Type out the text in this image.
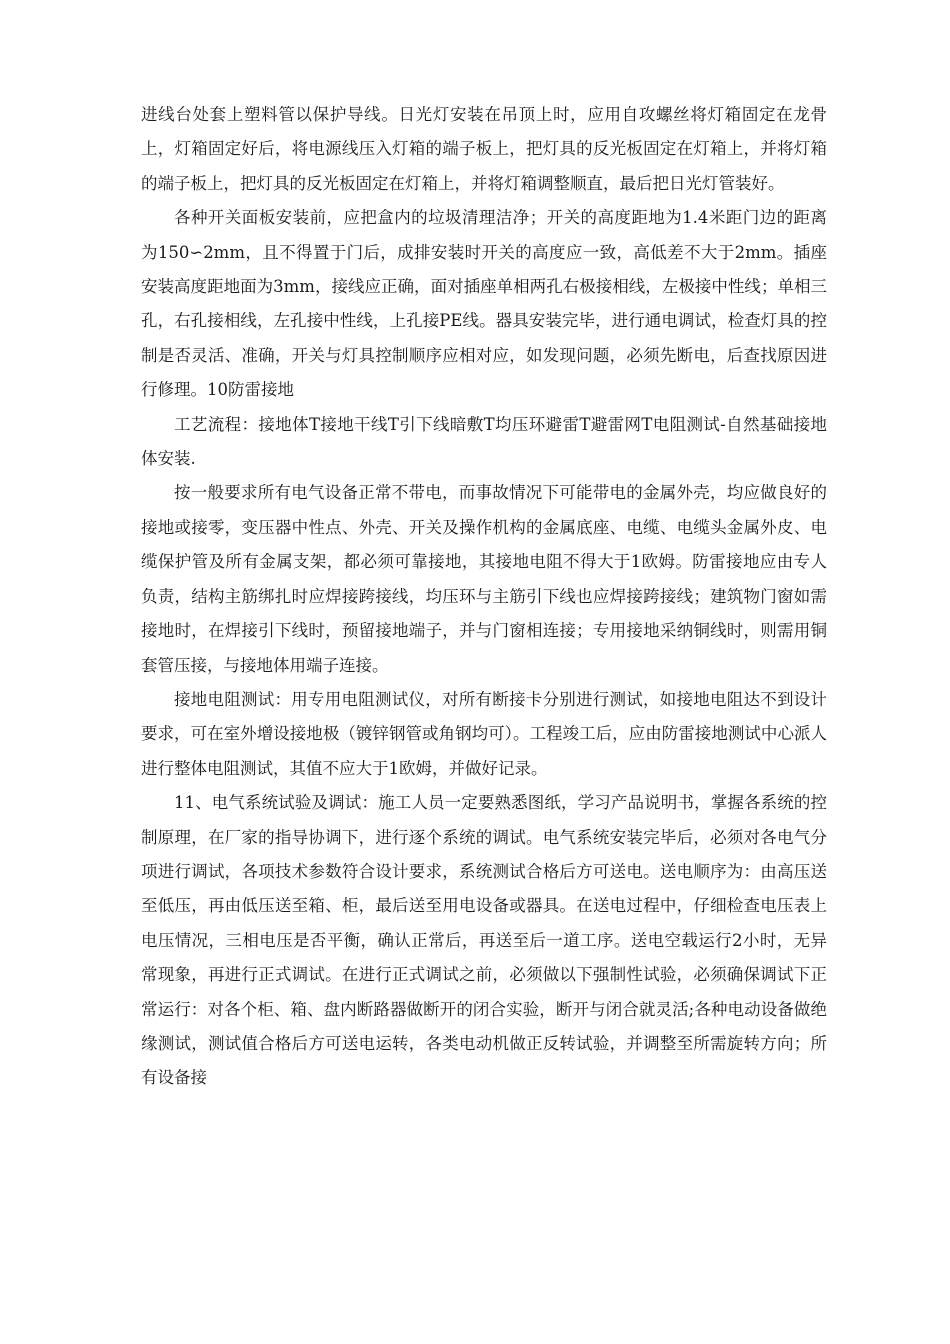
进线台处套上塑料管以保护导线。日光灯安装在吊顶上时，应用自攻螺丝将灯箱固定在龙骨上，灯箱固定好后，将电源线压入灯箱的端子板上，把灯具的反光板固定在灯箱上，并将灯箱的端子板上，把灯具的反光板固定在灯箱上，并将灯箱调整顺直，最后把日光灯管装好。

各种开关面板安装前，应把盒内的垃圾清理洁净；开关的高度距地为1.4米距门边的距离为150∽2mm，且不得置于门后，成排安装时开关的高度应一致，高低差不大于2mm。插座安装高度距地面为3mm，接线应正确，面对插座单相两孔右极接相线，左极接中性线；单相三孔，右孔接相线，左孔接中性线，上孔接PE线。器具安装完毕，进行通电调试，检查灯具的控制是否灵活、准确，开关与灯具控制顺序应相对应，如发现问题，必须先断电，后查找原因进行修理。10防雷接地

工艺流程：接地体T接地干线T引下线暗敷T均压环避雷T避雷网T电阻测试-自然基础接地体安装.

按一般要求所有电气设备正常不带电，而事故情况下可能带电的金属外壳，均应做良好的接地或接零，变压器中性点、外壳、开关及操作机构的金属底座、电缆、电缆头金属外皮、电缆保护管及所有金属支架，都必须可靠接地，其接地电阻不得大于1欧姆。防雷接地应由专人负责，结构主筋绑扎时应焊接跨接线，均压环与主筋引下线也应焊接跨接线；建筑物门窗如需接地时，在焊接引下线时，预留接地端子，并与门窗相连接；专用接地采纳铜线时，则需用铜套管压接，与接地体用端子连接。

接地电阻测试：用专用电阻测试仪，对所有断接卡分别进行测试，如接地电阻达不到设计要求，可在室外增设接地极（镀锌钢管或角钢均可）。工程竣工后，应由防雷接地测试中心派人进行整体电阻测试，其值不应大于1欧姆，并做好记录。

11、电气系统试验及调试：施工人员一定要熟悉图纸，学习产品说明书，掌握各系统的控制原理，在厂家的指导协调下，进行逐个系统的调试。电气系统安装完毕后，必须对各电气分项进行调试，各项技术参数符合设计要求，系统测试合格后方可送电。送电顺序为：由高压送至低压，再由低压送至箱、柜，最后送至用电设备或器具。在送电过程中，仔细检查电压表上电压情况，三相电压是否平衡，确认正常后，再送至后一道工序。送电空载运行2小时，无异常现象，再进行正式调试。在进行正式调试之前，必须做以下强制性试验，必须确保调试下正常运行：对各个柜、箱、盘内断路器做断开的闭合实验，断开与闭合就灵活;各种电动设备做绝缘测试，测试值合格后方可送电运转，各类电动机做正反转试验，并调整至所需旋转方向；所有设备接
